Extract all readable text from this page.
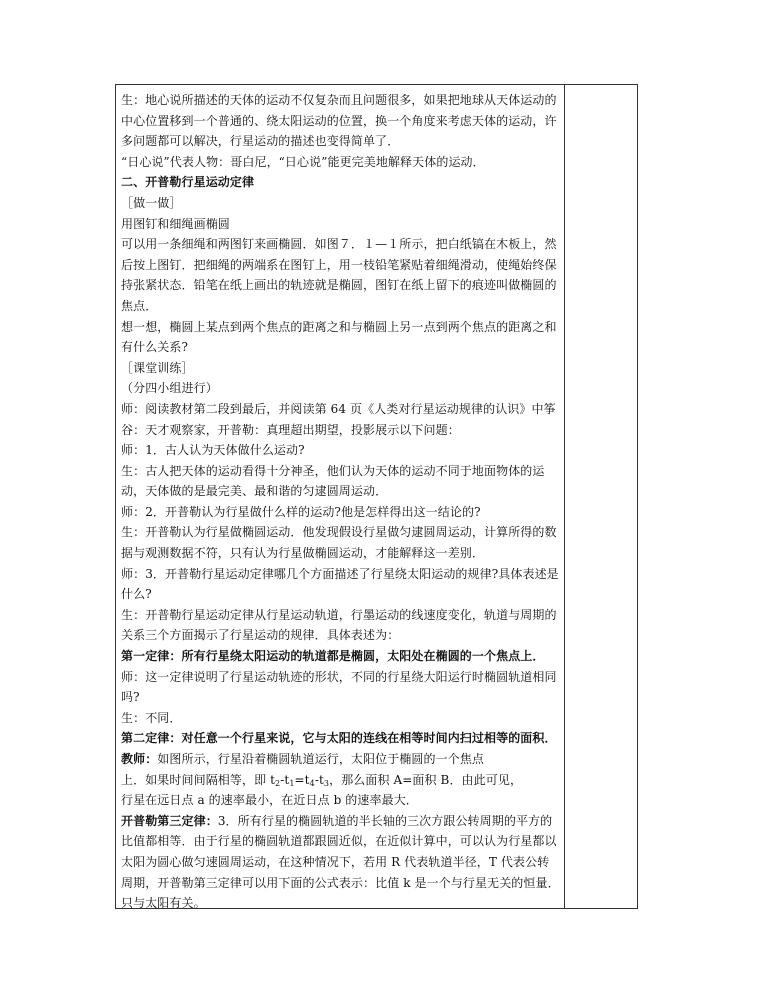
生：地心说所描述的天体的运动不仅复杂而且问题很多，如果把地球从天体运动的中心位置移到一个普通的、绕太阳运动的位置，换一个角度来考虑天体的运动，许多问题都可以解决，行星运动的描述也变得简单了．

“日心说”代表人物：哥白尼，“日心说”能更完美地解释天体的运动．

二、开普勒行星运动定律

［做一做］

用图钉和细绳画椭圆

可以用一条细绳和两图钉来画椭圆．如图７．１—１所示，把白纸镐在木板上，然后按上图钉．把细绳的两端系在图钉上，用一枝铅笔紧贴着细绳滑动，使绳始终保持张紧状态．铅笔在纸上画出的轨迹就是椭圆，图钉在纸上留下的痕迹叫做椭圆的焦点．

想一想，椭圆上某点到两个焦点的距离之和与椭圆上另一点到两个焦点的距离之和有什么关系?

［课堂训练］

（分四小组进行）

师：阅读教材第二段到最后，并阅读第 64 页《人类对行星运动规律的认识》中筝谷：天才观察家，开普勒：真理超出期望，投影展示以下问题：

师：1．古人认为天体做什么运动?

生：古人把天体的运动看得十分神圣，他们认为天体的运动不同于地面物体的运动，天体做的是最完美、最和谐的匀逮圆周运动．

师：2．开普勒认为行星做什么样的运动?他是怎样得出这一结论的?

生：开普勒认为行星做椭圆运动．他发现假设行星做匀逮圆周运动，计算所得的数据与观测数据不符，只有认为行星做椭圆运动，才能解释这一差别．

师：3．开普勒行星运动定律哪几个方面描述了行星绕太阳运动的规律?具体表述是什么?

生：开普勒行星运动定律从行星运动轨道，行墨运动的线速度变化，轨道与周期的关系三个方面揭示了行星运动的规律．具体表述为：

第一定律：所有行星绕太阳运动的轨道都是椭圆，太阳处在椭圆的一个焦点上．

师：这一定律说明了行星运动轨迹的形状，不同的行星绕大阳运行时椭圆轨道相同吗?

生：不同．

第二定律：对任意一个行星来说，它与太阳的连线在相等时间内扫过相等的面积．

教师：如图所示，行星沿着椭圆轨道运行，太阳位于椭圆的一个焦点
上．如果时间间隔相等，即 $t_2-t_1=t_4-t_3$，那么面积 A=面积 B．由此可见，
行星在远日点 a 的速率最小，在近日点 b 的速率最大．

开普勒第三定律：3．所有行星的椭圆轨道的半长轴的三次方跟公转周期的平方的比值都相等．由于行星的椭圆轨道都跟圆近似，在近似计算中，可以认为行星都以太阳为圆心做匀速圆周运动，在这种情况下，若用 R 代表轨道半径，T 代表公转周期，开普勒第三定律可以用下面的公式表示：比值 k 是一个与行星无关的恒量．只与太阳有关。
